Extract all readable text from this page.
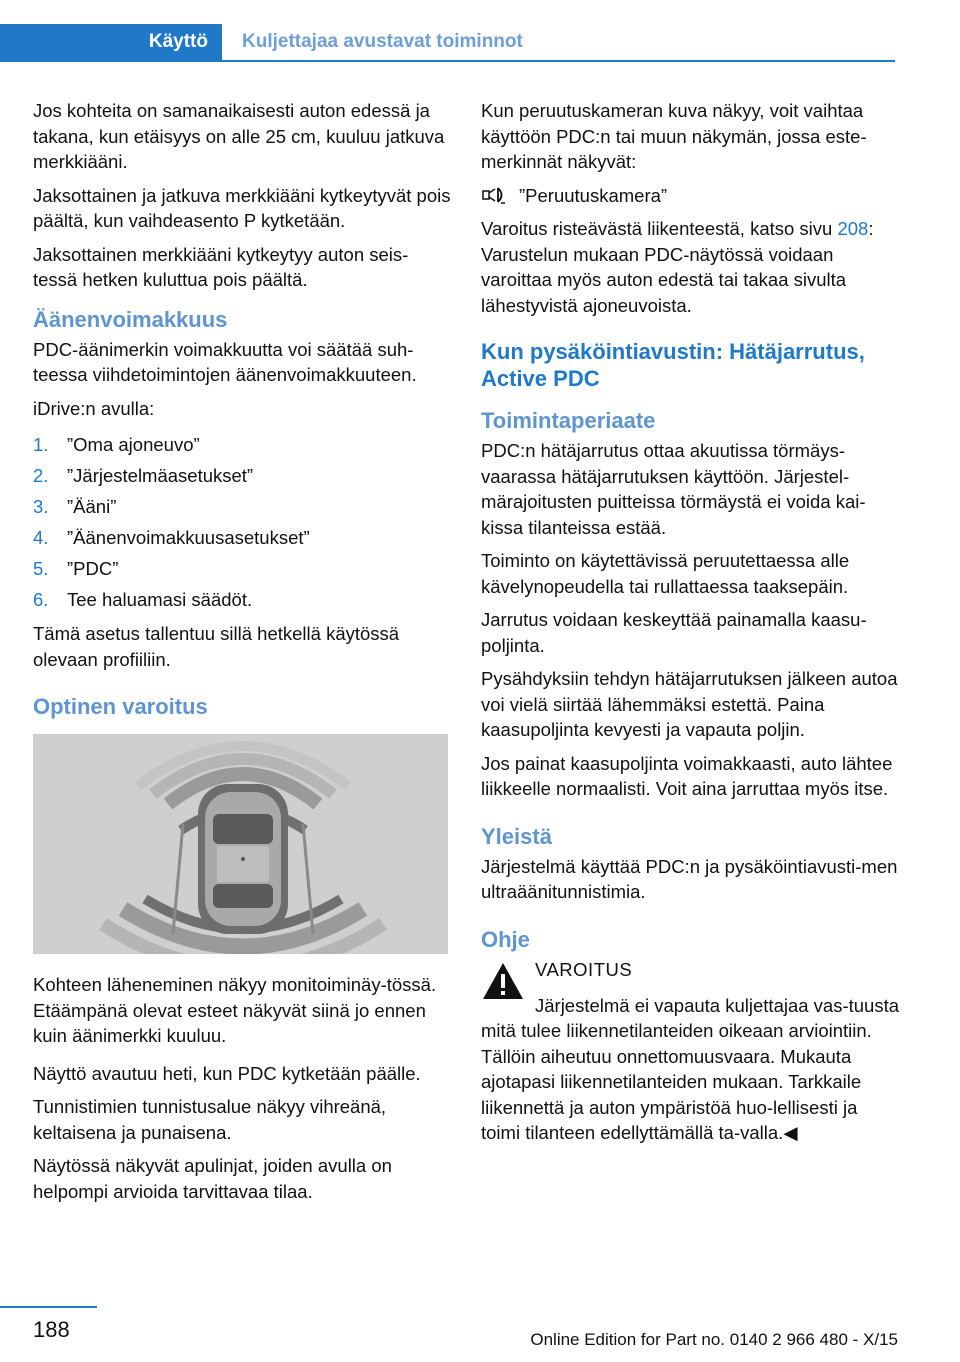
Käyttö	Kuljettajaa avustavat toiminnot

Jos kohteita on samanaikaisesti auton edessä ja takana, kun etäisyys on alle 25 cm, kuuluu jatkuva merkkiääni.

Jaksottainen ja jatkuva merkkiääni kytkeytyvät pois päältä, kun vaihdeasento P kytketään.

Jaksottainen merkkiääni kytkeytyy auton seis-tessä hetken kuluttua pois päältä.

Äänenvoimakkuus

PDC-äänimerkin voimakkuutta voi säätää suh-teessa viihdetoimintojen äänenvoimakkuuteen.

iDrive:n avulla:

1.	”Oma ajoneuvo”
2.	”Järjestelmäasetukset”
3.	”Ääni”
4.	”Äänenvoimakkuusasetukset”
5.	”PDC”
6.	Tee haluamasi säädöt.

Tämä asetus tallentuu sillä hetkellä käytössä olevaan profiiliin.

Optinen varoitus

Kohteen läheneminen näkyy monitoiminäy-tössä. Etäämpänä olevat esteet näkyvät siinä jo ennen kuin äänimerkki kuuluu.

Näyttö avautuu heti, kun PDC kytketään päälle.

Tunnistimien tunnistusalue näkyy vihreänä, keltaisena ja punaisena.

Näytössä näkyvät apulinjat, joiden avulla on helpompi arvioida tarvittavaa tilaa.

Kun peruutuskameran kuva näkyy, voit vaihtaa käyttöön PDC:n tai muun näkymän, jossa este-merkinnät näkyvät:

”Peruutuskamera”

Varoitus risteävästä liikenteestä, katso sivu 208: Varustelun mukaan PDC-näytössä voidaan varoittaa myös auton edestä tai takaa sivulta lähestyvistä ajoneuvoista.

Kun pysäköintiavustin: Hätäjarrutus, Active PDC
Toimintaperiaate

PDC:n hätäjarrutus ottaa akuutissa törmäys-vaarassa hätäjarrutuksen käyttöön. Järjestel-märajoitusten puitteissa törmäystä ei voida kai-kissa tilanteissa estää.

Toiminto on käytettävissä peruutettaessa alle kävelynopeudella tai rullattaessa taaksepäin.

Jarrutus voidaan keskeyttää painamalla kaasu-poljinta.

Pysähdyksiin tehdyn hätäjarrutuksen jälkeen autoa voi vielä siirtää lähemmäksi estettä. Paina kaasupoljinta kevyesti ja vapauta poljin.

Jos painat kaasupoljinta voimakkaasti, auto lähtee liikkeelle normaalisti. Voit aina jarruttaa myös itse.

Yleistä

Järjestelmä käyttää PDC:n ja pysäköintiavusti-men ultraäänitunnistimia.

Ohje
VAROITUS

Järjestelmä ei vapauta kuljettajaa vas-tuusta mitä tulee liikennetilanteiden oikeaan arviointiin. Tällöin aiheutuu onnettomuusvaara. Mukauta ajotapasi liikennetilanteiden mukaan. Tarkkaile liikennettä ja auton ympäristöä huo-lellisesti ja toimi tilanteen edellyttämällä ta-valla.◀

188	Online Edition for Part no. 0140 2 966 480 - X/15
